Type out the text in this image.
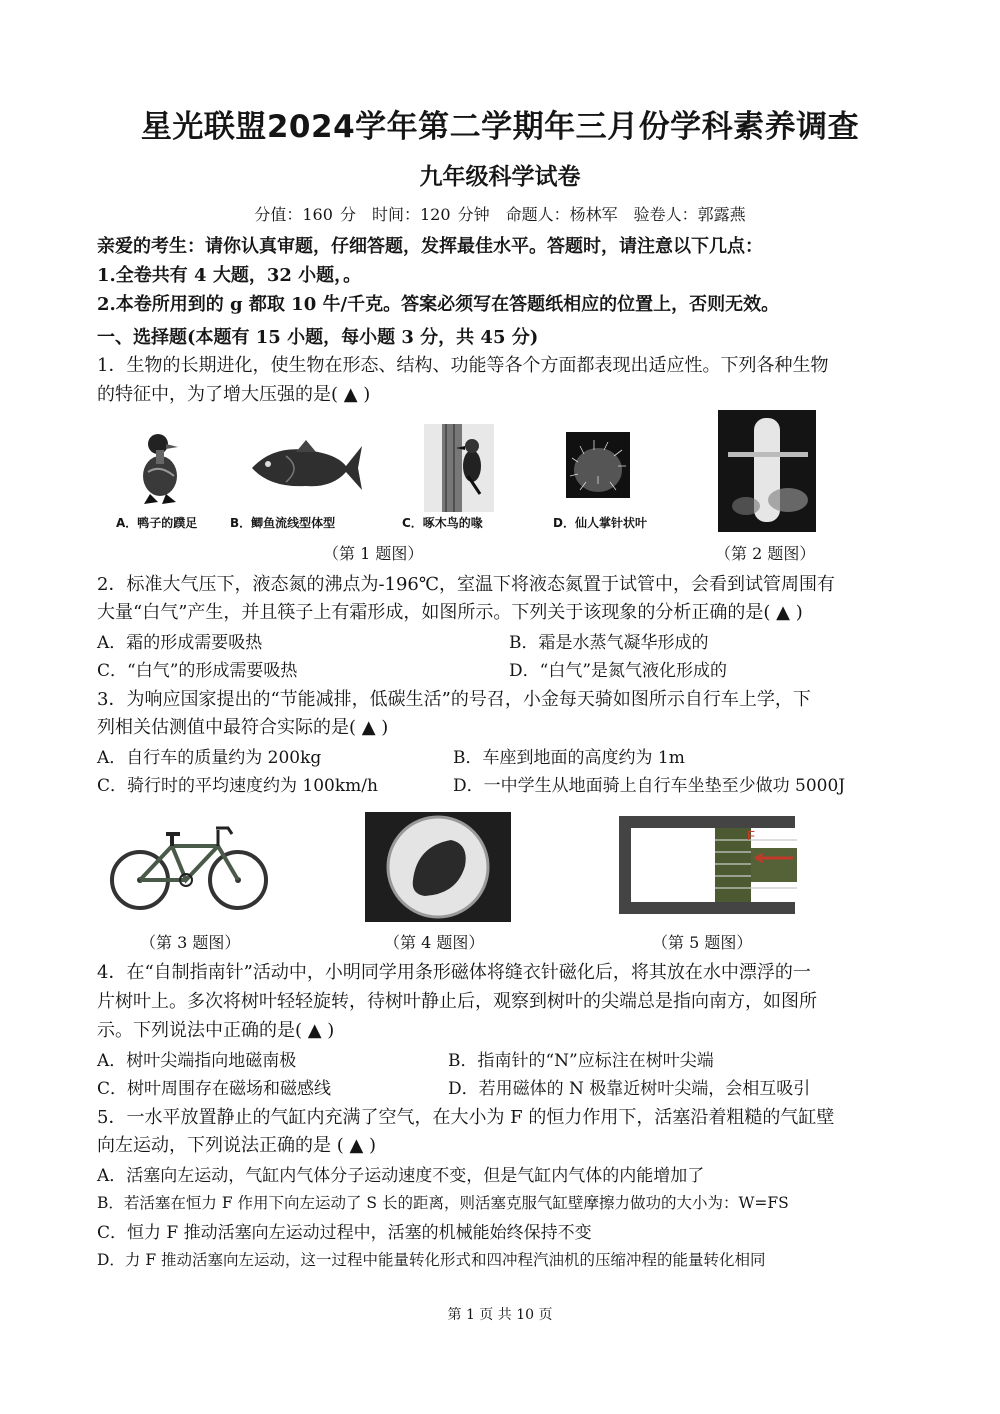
星光联盟2024学年第二学期年三月份学科素养调查
九年级科学试卷
分值：160 分　时间：120 分钟　命题人：杨林军　验卷人：郭露燕
亲爱的考生：请你认真审题，仔细答题，发挥最佳水平。答题时，请注意以下几点：
1.全卷共有 4 大题，32 小题，。
2.本卷所用到的 g 都取 10 牛/千克。答案必须写在答题纸相应的位置上，否则无效。
一、选择题(本题有 15 小题，每小题 3 分，共 45 分)
1．生物的长期进化，使生物在形态、结构、功能等各个方面都表现出适应性。下列各种生物
的特征中，为了增大压强的是( ▲ )
A．鸭子的蹼足	B．鲫鱼流线型体型	C．啄木鸟的喙	D．仙人掌针状叶
（第 1 题图）	（第 2 题图）
2．标准大气压下，液态氮的沸点为-196℃，室温下将液态氮置于试管中，会看到试管周围有
大量“白气”产生，并且筷子上有霜形成，如图所示。下列关于该现象的分析正确的是( ▲ )
A．霜的形成需要吸热	B．霜是水蒸气凝华形成的
C．“白气”的形成需要吸热	D．“白气”是氮气液化形成的
3．为响应国家提出的“节能减排，低碳生活”的号召，小金每天骑如图所示自行车上学，下
列相关估测值中最符合实际的是( ▲ )
A．自行车的质量约为 200kg	B．车座到地面的高度约为 1m
C．骑行时的平均速度约为 100km/h	D．一中学生从地面骑上自行车坐垫至少做功 5000J
F
（第 3 题图）	（第 4 题图）	（第 5 题图）
4．在“自制指南针”活动中，小明同学用条形磁体将缝衣针磁化后，将其放在水中漂浮的一
片树叶上。多次将树叶轻轻旋转，待树叶静止后，观察到树叶的尖端总是指向南方，如图所
示。下列说法中正确的是( ▲ )
A．树叶尖端指向地磁南极	B．指南针的“N”应标注在树叶尖端
C．树叶周围存在磁场和磁感线	D．若用磁体的 N 极靠近树叶尖端，会相互吸引
5．一水平放置静止的气缸内充满了空气，在大小为 F 的恒力作用下，活塞沿着粗糙的气缸壁
向左运动，下列说法正确的是 ( ▲ )
A．活塞向左运动，气缸内气体分子运动速度不变，但是气缸内气体的内能增加了
B．若活塞在恒力 F 作用下向左运动了 S 长的距离，则活塞克服气缸壁摩擦力做功的大小为：W=FS
C．恒力 F 推动活塞向左运动过程中，活塞的机械能始终保持不变
D．力 F 推动活塞向左运动，这一过程中能量转化形式和四冲程汽油机的压缩冲程的能量转化相同
第 1 页 共 10 页
